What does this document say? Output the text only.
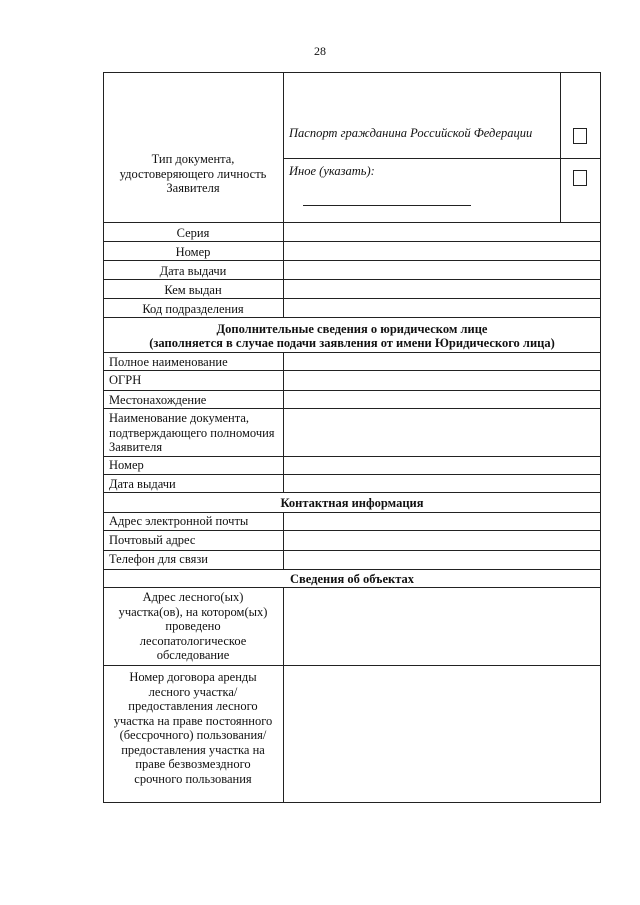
28
Тип документа, удостоверяющего личность Заявителя
Паспорт гражданина Российской Федерации
Иное (указать):
Серия
Номер
Дата выдачи
Кем выдан
Код подразделения
Дополнительные сведения о юридическом лице
(заполняется в случае подачи заявления от имени Юридического лица)
Полное наименование
ОГРН
Местонахождение
Наименование документа, подтверждающего полномочия Заявителя
Номер
Дата выдачи
Контактная информация
Адрес электронной почты
Почтовый адрес
Телефон для связи
Сведения об объектах
Адрес лесного(ых) участка(ов), на котором(ых) проведено лесопатологическое обследование
Номер договора аренды лесного участка/предоставления лесного участка на праве постоянного (бессрочного) пользования/предоставления участка на праве безвозмездного срочного пользования
